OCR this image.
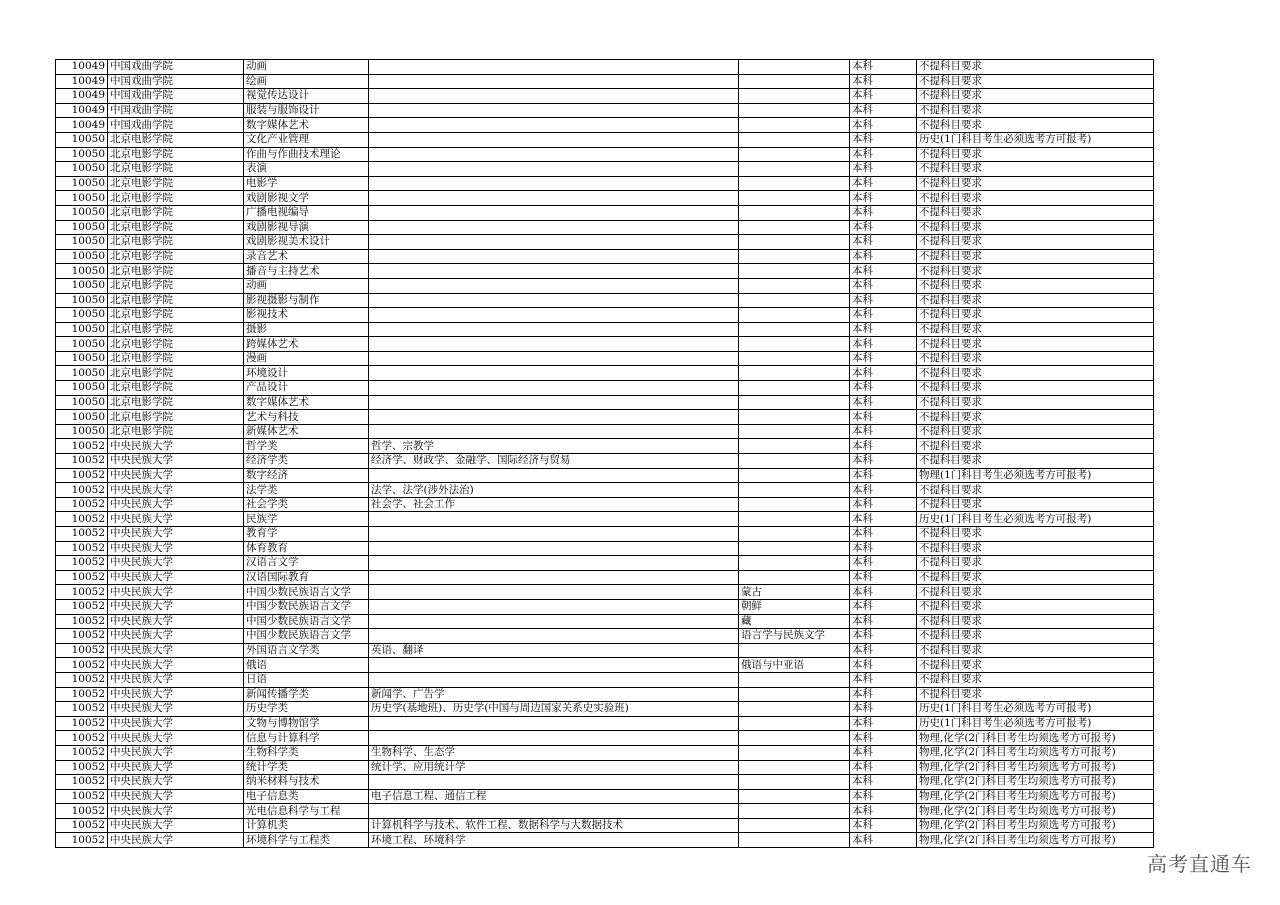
10049	中国戏曲学院	动画			本科	不提科目要求
10049	中国戏曲学院	绘画			本科	不提科目要求
10049	中国戏曲学院	视觉传达设计			本科	不提科目要求
10049	中国戏曲学院	服装与服饰设计			本科	不提科目要求
10049	中国戏曲学院	数字媒体艺术			本科	不提科目要求
10050	北京电影学院	文化产业管理			本科	历史(1门科目考生必须选考方可报考)
10050	北京电影学院	作曲与作曲技术理论			本科	不提科目要求
10050	北京电影学院	表演			本科	不提科目要求
10050	北京电影学院	电影学			本科	不提科目要求
10050	北京电影学院	戏剧影视文学			本科	不提科目要求
10050	北京电影学院	广播电视编导			本科	不提科目要求
10050	北京电影学院	戏剧影视导演			本科	不提科目要求
10050	北京电影学院	戏剧影视美术设计			本科	不提科目要求
10050	北京电影学院	录音艺术			本科	不提科目要求
10050	北京电影学院	播音与主持艺术			本科	不提科目要求
10050	北京电影学院	动画			本科	不提科目要求
10050	北京电影学院	影视摄影与制作			本科	不提科目要求
10050	北京电影学院	影视技术			本科	不提科目要求
10050	北京电影学院	摄影			本科	不提科目要求
10050	北京电影学院	跨媒体艺术			本科	不提科目要求
10050	北京电影学院	漫画			本科	不提科目要求
10050	北京电影学院	环境设计			本科	不提科目要求
10050	北京电影学院	产品设计			本科	不提科目要求
10050	北京电影学院	数字媒体艺术			本科	不提科目要求
10050	北京电影学院	艺术与科技			本科	不提科目要求
10050	北京电影学院	新媒体艺术			本科	不提科目要求
10052	中央民族大学	哲学类	哲学、宗教学		本科	不提科目要求
10052	中央民族大学	经济学类	经济学、财政学、金融学、国际经济与贸易		本科	不提科目要求
10052	中央民族大学	数字经济			本科	物理(1门科目考生必须选考方可报考)
10052	中央民族大学	法学类	法学、法学(涉外法治)		本科	不提科目要求
10052	中央民族大学	社会学类	社会学、社会工作		本科	不提科目要求
10052	中央民族大学	民族学			本科	历史(1门科目考生必须选考方可报考)
10052	中央民族大学	教育学			本科	不提科目要求
10052	中央民族大学	体育教育			本科	不提科目要求
10052	中央民族大学	汉语言文学			本科	不提科目要求
10052	中央民族大学	汉语国际教育			本科	不提科目要求
10052	中央民族大学	中国少数民族语言文学		蒙古	本科	不提科目要求
10052	中央民族大学	中国少数民族语言文学		朝鲜	本科	不提科目要求
10052	中央民族大学	中国少数民族语言文学		藏	本科	不提科目要求
10052	中央民族大学	中国少数民族语言文学		语言学与民族文学	本科	不提科目要求
10052	中央民族大学	外国语言文学类	英语、翻译		本科	不提科目要求
10052	中央民族大学	俄语		俄语与中亚语	本科	不提科目要求
10052	中央民族大学	日语			本科	不提科目要求
10052	中央民族大学	新闻传播学类	新闻学、广告学		本科	不提科目要求
10052	中央民族大学	历史学类	历史学(基地班)、历史学(中国与周边国家关系史实验班)		本科	历史(1门科目考生必须选考方可报考)
10052	中央民族大学	文物与博物馆学			本科	历史(1门科目考生必须选考方可报考)
10052	中央民族大学	信息与计算科学			本科	物理,化学(2门科目考生均须选考方可报考)
10052	中央民族大学	生物科学类	生物科学、生态学		本科	物理,化学(2门科目考生均须选考方可报考)
10052	中央民族大学	统计学类	统计学、应用统计学		本科	物理,化学(2门科目考生均须选考方可报考)
10052	中央民族大学	纳米材料与技术			本科	物理,化学(2门科目考生均须选考方可报考)
10052	中央民族大学	电子信息类	电子信息工程、通信工程		本科	物理,化学(2门科目考生均须选考方可报考)
10052	中央民族大学	光电信息科学与工程			本科	物理,化学(2门科目考生均须选考方可报考)
10052	中央民族大学	计算机类	计算机科学与技术、软件工程、数据科学与大数据技术		本科	物理,化学(2门科目考生均须选考方可报考)
10052	中央民族大学	环境科学与工程类	环境工程、环境科学		本科	物理,化学(2门科目考生均须选考方可报考)
高考直通车
